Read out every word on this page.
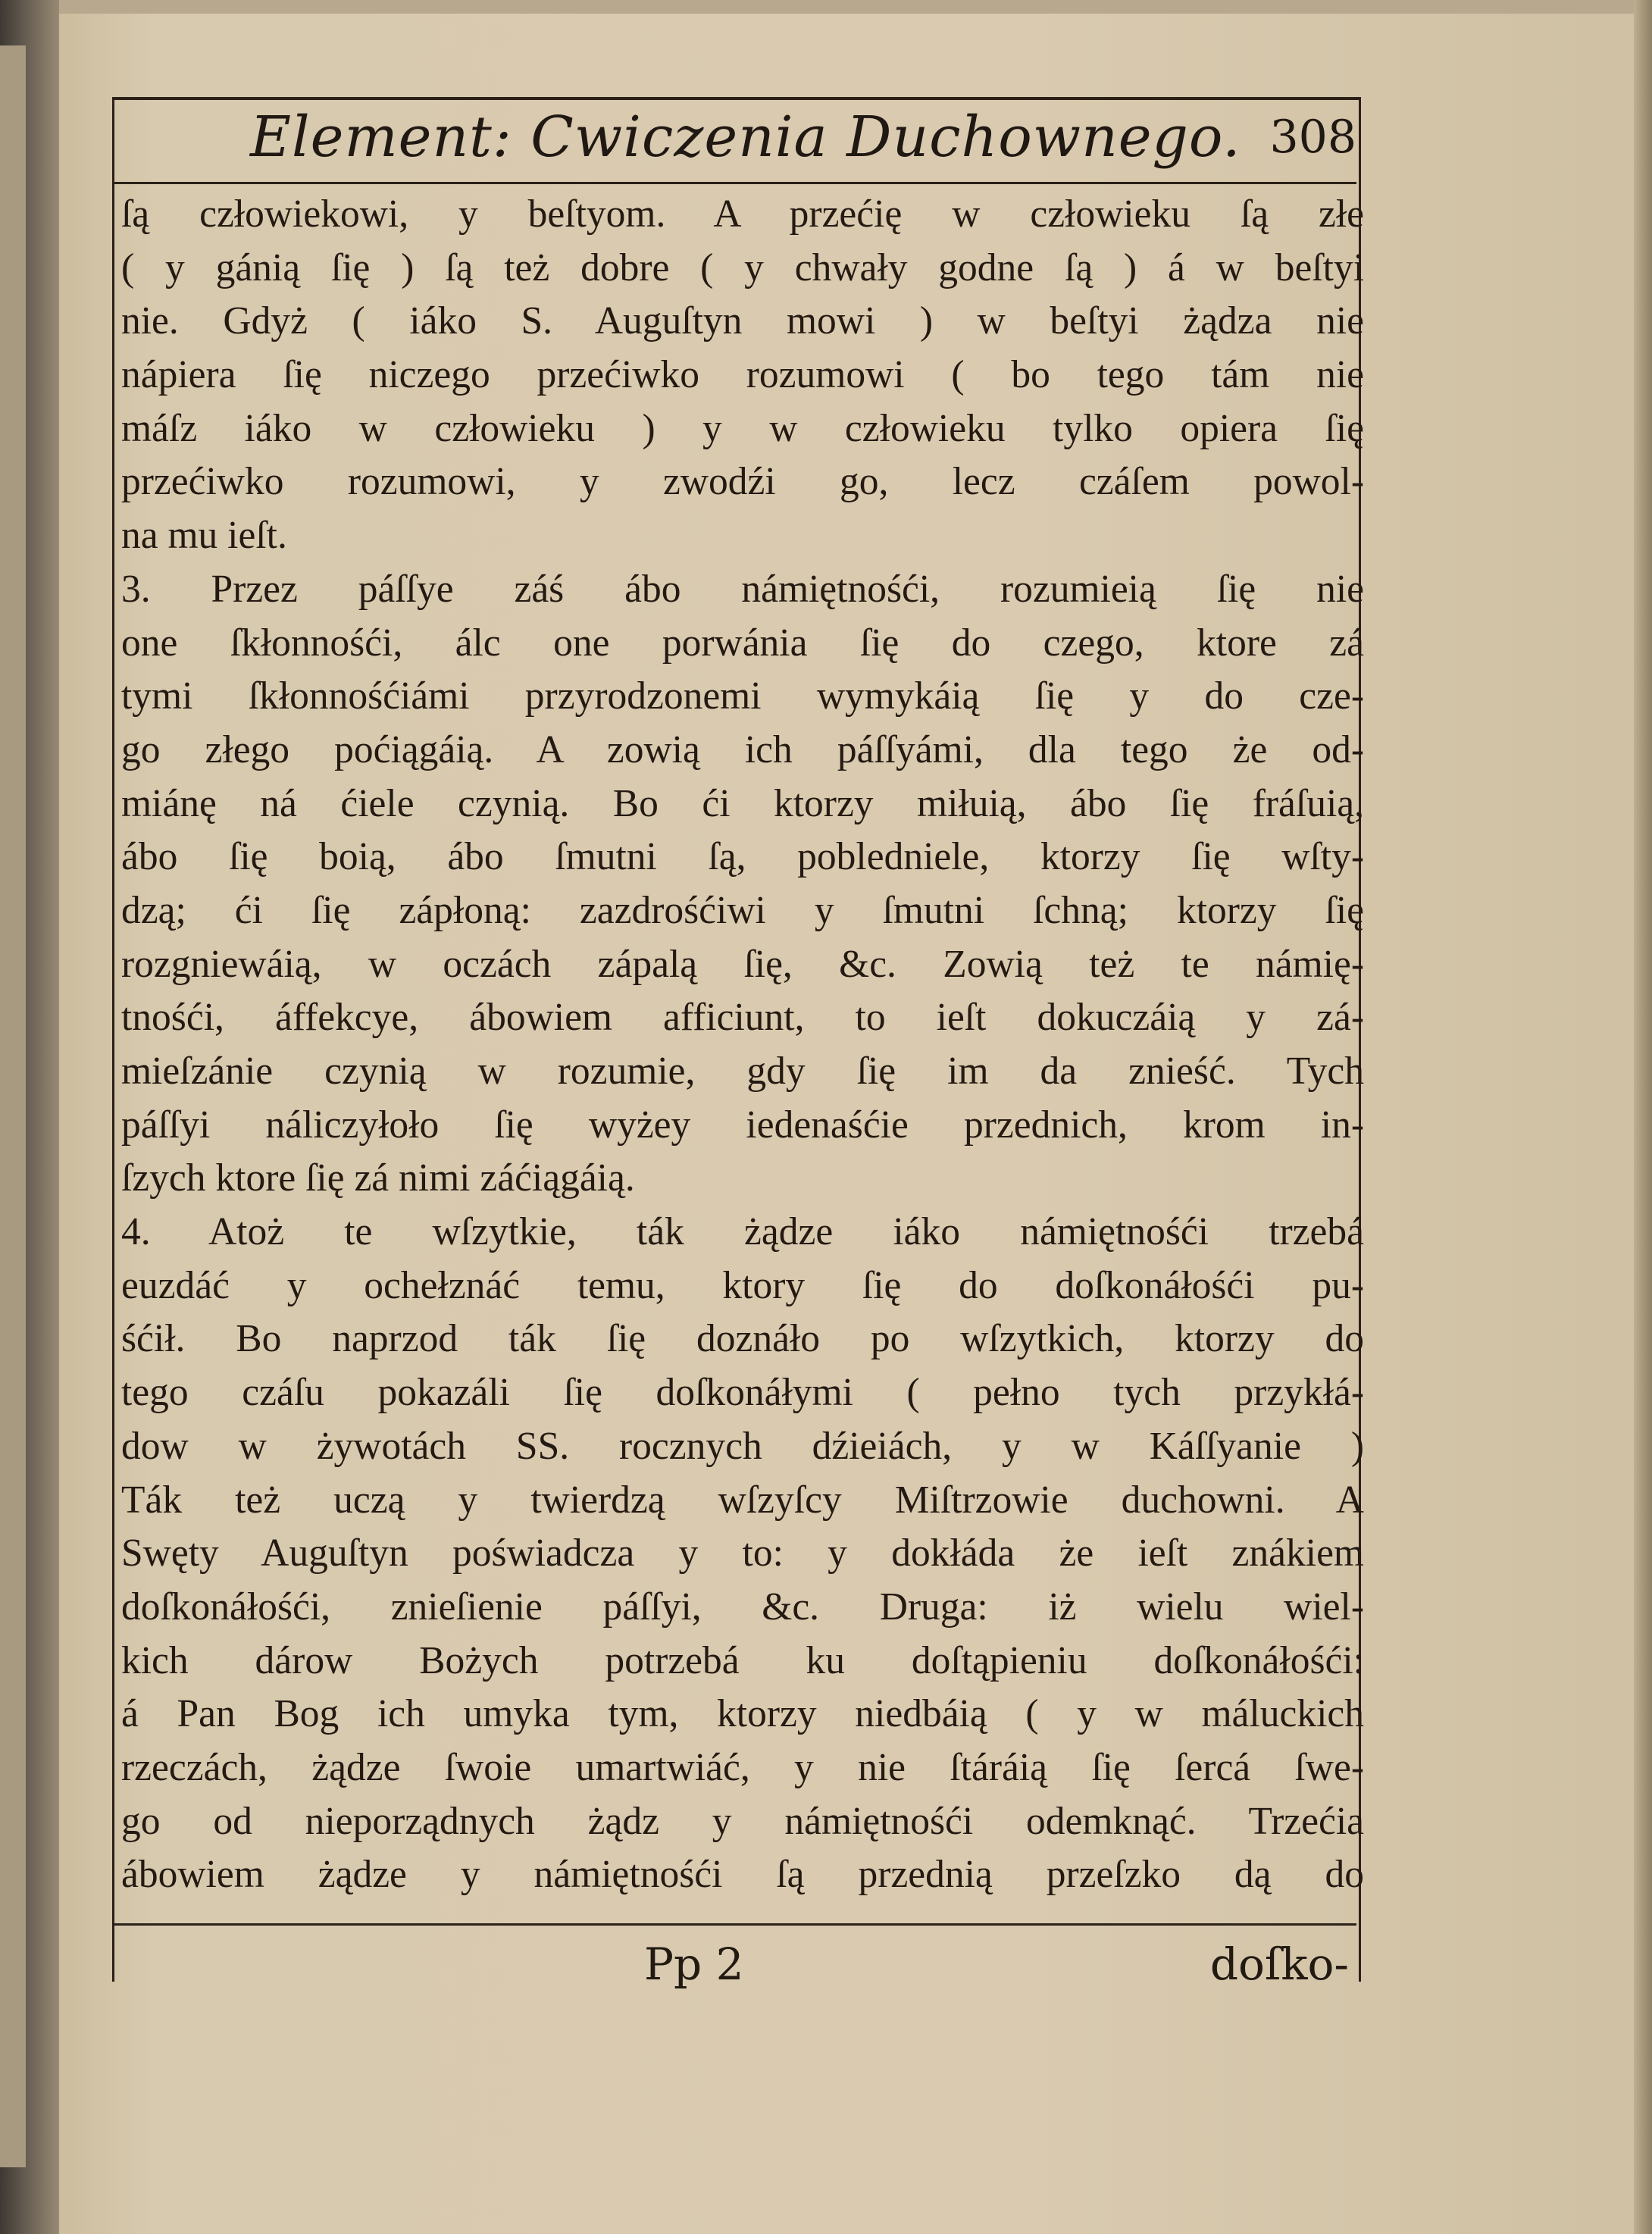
Element: Cwiczenia Duchownego. 308
ſą człowiekowi, y beſtyom. A przećię w człowieku ſą złe
( y gánią ſię ) ſą też dobre ( y chwały godne ſą ) á w beſtyi
nie. Gdyż ( iáko S. Auguſtyn mowi ) w beſtyi żądza nie
nápiera ſię niczego przećiwko rozumowi ( bo tego tám nie
máſz iáko w człowieku ) y w człowieku tylko opiera ſię
przećiwko rozumowi, y zwodźi go, lecz czáſem powol-
na mu ieſt.
3. Przez páſſye záś ábo námiętnośći, rozumieią ſię nie
one ſkłonnośći, álc one porwánia ſię do czego, ktore zá
tymi ſkłonnośćiámi przyrodzonemi wymykáią ſię y do cze-
go złego poćiągáią. A zowią ich páſſyámi, dla tego że od-
miánę ná ćiele czynią. Bo ći ktorzy miłuią, ábo ſię fráſuią,
ábo ſię boią, ábo ſmutni ſą, pobledniele, ktorzy ſię wſty-
dzą; ći ſię zápłoną: zazdrośćiwi y ſmutni ſchną; ktorzy ſię
rozgniewáią, w oczách zápalą ſię, &c. Zowią też te námię-
tnośći, áffekcye, ábowiem afficiunt, to ieſt dokuczáią y zá-
mieſzánie czynią w rozumie, gdy ſię im da znieść. Tych
páſſyi náliczyłoło ſię wyżey iedenaśćie przednich, krom in-
ſzych ktore ſię zá nimi záćiągáią.
4. Atoż te wſzytkie, ták żądze iáko námiętnośći trzebá
euzdáć y ochełznáć temu, ktory ſię do doſkonáłośći pu-
śćił. Bo naprzod ták ſię doznáło po wſzytkich, ktorzy do
tego czáſu pokazáli ſię doſkonáłymi ( pełno tych przykłá-
dow w żywotách SS. rocznych dźieiách, y w Káſſyanie )
Ták też uczą y twierdzą wſzyſcy Miſtrzowie duchowni. A
Swęty Auguſtyn poświadcza y to: y dokłáda że ieſt znákiem
doſkonáłośći, znieſienie páſſyi, &c. Druga: iż wielu wiel-
kich dárow Bożych potrzebá ku doſtąpieniu doſkonáłośći:
á Pan Bog ich umyka tym, ktorzy niedbáią ( y w máluckich
rzeczách, żądze ſwoie umartwiáć, y nie ſtáráią ſię ſercá ſwe-
go od nieporządnych żądz y námiętnośći odemknąć. Trzećia
ábowiem żądze y námiętnośći ſą przednią przeſzko dą do
Pp 2	doſko-
